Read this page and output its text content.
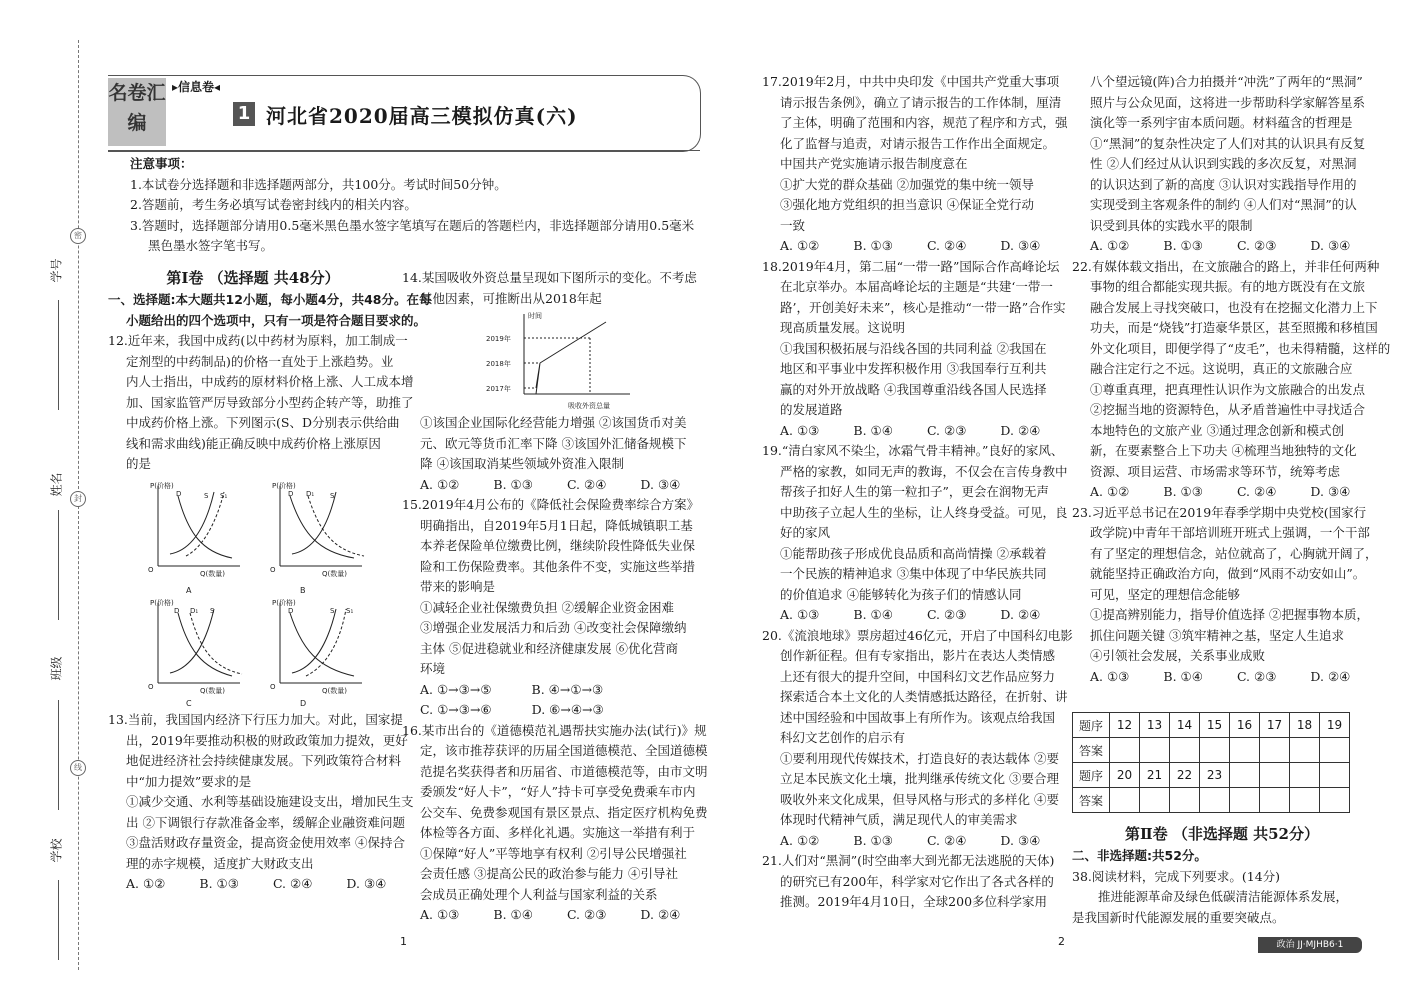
密
封
线
学号
姓名
班级
学校
名卷汇编
▸信息卷◂
1 河北省2020届高三模拟仿真(六)
注意事项：
1.本试卷分选择题和非选择题两部分，共100分。考试时间50分钟。
2.答题前，考生务必填写试卷密封线内的相关内容。
3.答题时，选择题部分请用0.5毫米黑色墨水签字笔填写在题后的答题栏内，非选择题部分请用0.5毫米
黑色墨水签字笔书写。
第Ⅰ卷 （选择题 共48分）
一、选择题:本大题共12小题，每小题4分，共48分。在每
小题给出的四个选项中，只有一项是符合题目要求的。
12.近年来，我国中成药(以中药材为原料，加工制成一
定剂型的中药制品)的价格一直处于上涨趋势。业
内人士指出，中成药的原材料价格上涨、人工成本增
加、国家监管严厉导致部分小型药企转产等，助推了
中成药价格上涨。下列图示(S、D分别表示供给曲
线和需求曲线)能正确反映中成药价格上涨原因
的是
P(价格)
Q(数量)
O
D	S S₁
A
P(价格)
Q(数量)
O
D D₁ S
B
P(价格)
Q(数量)
O
D D₁ S
C
P(价格)
Q(数量)
O
D	S S₁
D
13.当前，我国国内经济下行压力加大。对此，国家提
出，2019年要推动积极的财政政策加力提效，更好
地促进经济社会持续健康发展。下列政策符合材料
中“加力提效”要求的是
①减少交通、水利等基础设施建设支出，增加民生支
出 ②下调银行存款准备金率，缓解企业融资难问题
③盘活财政存量资金，提高资金使用效率 ④保持合
理的赤字规模，适度扩大财政支出
A. ①②	B. ①③	C. ②④	D. ③④
14.某国吸收外资总量呈现如下图所示的变化。不考虑
其他因素，可推断出从2018年起
时间
2019年
2018年
2017年
吸收外资总量
①该国企业国际化经营能力增强 ②该国货币对美
元、欧元等货币汇率下降 ③该国外汇储备规模下
降 ④该国取消某些领域外资准入限制
A. ①②	B. ①③	C. ②④	D. ③④
15.2019年4月公布的《降低社会保险费率综合方案》
明确指出，自2019年5月1日起，降低城镇职工基
本养老保险单位缴费比例，继续阶段性降低失业保
险和工伤保险费率。其他条件不变，实施这些举措
带来的影响是
①减轻企业社保缴费负担 ②缓解企业资金困难
③增强企业发展活力和后劲 ④改变社会保障缴纳
主体 ⑤促进稳就业和经济健康发展 ⑥优化营商
环境
A. ①→③→⑤	B. ④→①→③
C. ①→③→⑥	D. ⑥→④→③
16.某市出台的《道德模范礼遇帮扶实施办法(试行)》规
定，该市推荐获评的历届全国道德模范、全国道德模
范提名奖获得者和历届省、市道德模范等，由市文明
委颁发“好人卡”，“好人”持卡可享受免费乘车市内
公交车、免费参观国有景区景点、指定医疗机构免费
体检等各方面、多样化礼遇。实施这一举措有利于
①保障“好人”平等地享有权利 ②引导公民增强社
会责任感 ③提高公民的政治参与能力 ④引导社
会成员正确处理个人利益与国家利益的关系
A. ①③	B. ①④	C. ②③	D. ②④
17.2019年2月，中共中央印发《中国共产党重大事项
请示报告条例》，确立了请示报告的工作体制，厘清
了主体，明确了范围和内容，规范了程序和方式，强
化了监督与追责，对请示报告工作作出全面规定。
中国共产党实施请示报告制度意在
①扩大党的群众基础 ②加强党的集中统一领导
③强化地方党组织的担当意识 ④保证全党行动
一致
A. ①②	B. ①③	C. ②④	D. ③④
18.2019年4月，第二届“一带一路”国际合作高峰论坛
在北京举办。本届高峰论坛的主题是“共建‘一带一
路’，开创美好未来”，核心是推动“一带一路”合作实
现高质量发展。这说明
①我国积极拓展与沿线各国的共同利益 ②我国在
地区和平事业中发挥积极作用 ③我国奉行互利共
赢的对外开放战略 ④我国尊重沿线各国人民选择
的发展道路
A. ①③	B. ①④	C. ②③	D. ②④
19.“清白家风不染尘，冰霜气骨丰精神。”良好的家风、
严格的家教，如同无声的教诲，不仅会在言传身教中
帮孩子扣好人生的第一粒扣子”，更会在润物无声
中助孩子立起人生的坐标，让人终身受益。可见，良
好的家风
①能帮助孩子形成优良品质和高尚情操 ②承载着
一个民族的精神追求 ③集中体现了中华民族共同
的价值追求 ④能够转化为孩子们的情感认同
A. ①③	B. ①④	C. ②③	D. ②④
20.《流浪地球》票房超过46亿元，开启了中国科幻电影
创作新征程。但有专家指出，影片在表达人类情感
上还有很大的提升空间，中国科幻文艺作品应努力
探索适合本土文化的人类情感抵达路径，在折射、讲
述中国经验和中国故事上有所作为。该观点给我国
科幻文艺创作的启示有
①要利用现代传媒技术，打造良好的表达载体 ②要
立足本民族文化土壤，批判继承传统文化 ③要合理
吸收外来文化成果，但导风格与形式的多样化 ④要
体现时代精神气质，满足现代人的审美需求
A. ①②	B. ①③	C. ②④	D. ③④
21.人们对“黑洞”(时空曲率大到光都无法逃脱的天体)
的研究已有200年，科学家对它作出了各式各样的
推测。2019年4月10日，全球200多位科学家用
八个望远镜(阵)合力拍摄并“冲洗”了两年的“黑洞”
照片与公众见面，这将进一步帮助科学家解答星系
演化等一系列宇宙本质问题。材料蕴含的哲理是
①“黑洞”的复杂性决定了人们对其的认识具有反复
性 ②人们经过从认识到实践的多次反复，对黑洞
的认识达到了新的高度 ③认识对实践指导作用的
实现受到主客观条件的制约 ④人们对“黑洞”的认
识受到具体的实践水平的限制
A. ①②	B. ①③	C. ②③	D. ③④
22.有媒体载文指出，在文旅融合的路上，并非任何两种
事物的组合都能实现共振。有的地方既没有在文旅
融合发展上寻找突破口，也没有在挖掘文化潜力上下
功夫，而是“烧钱”打造豪华景区，甚至照搬和移植国
外文化项目，即便学得了“皮毛”，也未得精髓，这样的
融合注定行之不远。这说明，真正的文旅融合应
①尊重真理，把真理性认识作为文旅融合的出发点
②挖掘当地的资源特色，从矛盾普遍性中寻找适合
本地特色的文旅产业 ③通过理念创新和模式创
新，在要素整合上下功夫 ④梳理当地独特的文化
资源、项目运营、市场需求等环节，统筹考虑
A. ①②	B. ①③	C. ②④	D. ③④
23.习近平总书记在2019年春季学期中央党校(国家行
政学院)中青年干部培训班开班式上强调，一个干部
有了坚定的理想信念，站位就高了，心胸就开阔了，
就能坚持正确政治方向，做到“风雨不动安如山”。
可见，坚定的理想信念能够
①提高辨别能力，指导价值选择 ②把握事物本质，
抓住问题关键 ③筑牢精神之基，坚定人生追求
④引领社会发展，关系事业成败
A. ①③	B. ①④	C. ②③	D. ②④
题序	12	13	14	15	16	17	18	19
答案								
题序	20	21	22	23				
答案								
第Ⅱ卷 （非选择题 共52分）
二、非选择题:共52分。
38.阅读材料，完成下列要求。(14分)
推进能源革命及绿色低碳清洁能源体系发展，
是我国新时代能源发展的重要突破点。
1	2	政治 JJ·MJHB6·1
